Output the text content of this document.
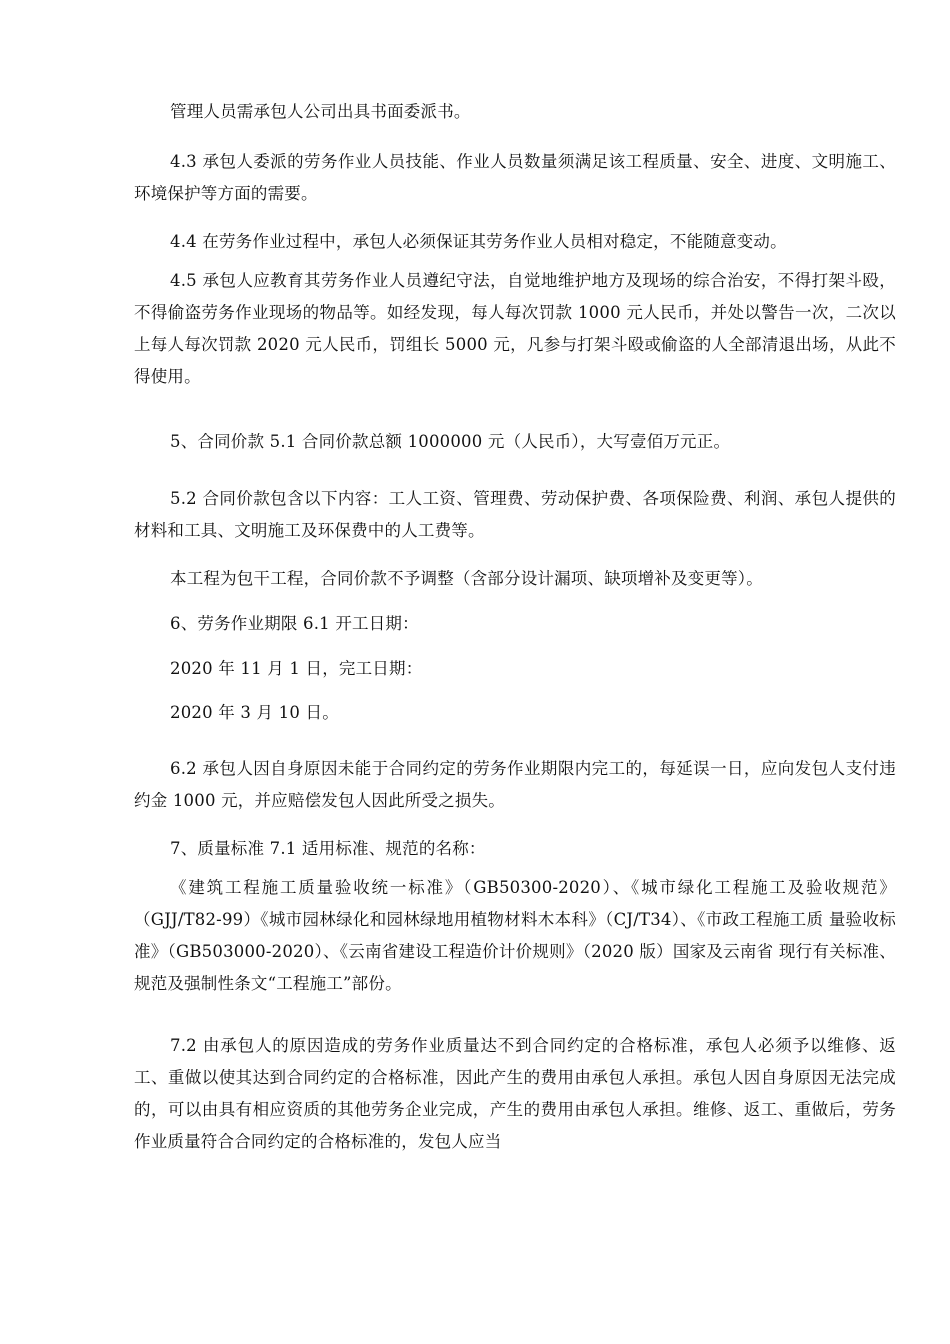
管理人员需承包人公司出具书面委派书。

4.3 承包人委派的劳务作业人员技能、作业人员数量须满足该工程质量、安全、进度、文明施工、环境保护等方面的需要。

4.4 在劳务作业过程中，承包人必须保证其劳务作业人员相对稳定，不能随意变动。

4.5 承包人应教育其劳务作业人员遵纪守法，自觉地维护地方及现场的综合治安，不得打架斗殴，不得偷盗劳务作业现场的物品等。如经发现，每人每次罚款 1000 元人民币，并处以警告一次，二次以上每人每次罚款 2020 元人民币，罚组长 5000 元，凡参与打架斗殴或偷盗的人全部清退出场，从此不得使用。

5、合同价款 5.1 合同价款总额 1000000 元（人民币），大写壹佰万元正。

5.2 合同价款包含以下内容：工人工资、管理费、劳动保护费、各项保险费、利润、承包人提供的材料和工具、文明施工及环保费中的人工费等。

本工程为包干工程，合同价款不予调整（含部分设计漏项、缺项增补及变更等）。

6、劳务作业期限 6.1 开工日期：

2020 年 11 月 1 日，完工日期：

2020 年 3 月 10 日。

6.2 承包人因自身原因未能于合同约定的劳务作业期限内完工的，每延误一日，应向发包人支付违约金 1000 元，并应赔偿发包人因此所受之损失。

7、质量标准 7.1 适用标准、规范的名称：

《建筑工程施工质量验收统一标准》（GB50300-2020）、《城市绿化工程施工及验收规范》 （GJJ/T82-99）《城市园林绿化和园林绿地用植物材料木本科》（CJ/T34）、《市政工程施工质 量验收标准》（GB503000-2020）、《云南省建设工程造价计价规则》（2020 版）国家及云南省 现行有关标准、规范及强制性条文“工程施工”部份。

7.2 由承包人的原因造成的劳务作业质量达不到合同约定的合格标准，承包人必须予以维修、返工、重做以使其达到合同约定的合格标准，因此产生的费用由承包人承担。承包人因自身原因无法完成的，可以由具有相应资质的其他劳务企业完成，产生的费用由承包人承担。维修、返工、重做后，劳务作业质量符合合同约定的合格标准的，发包人应当
